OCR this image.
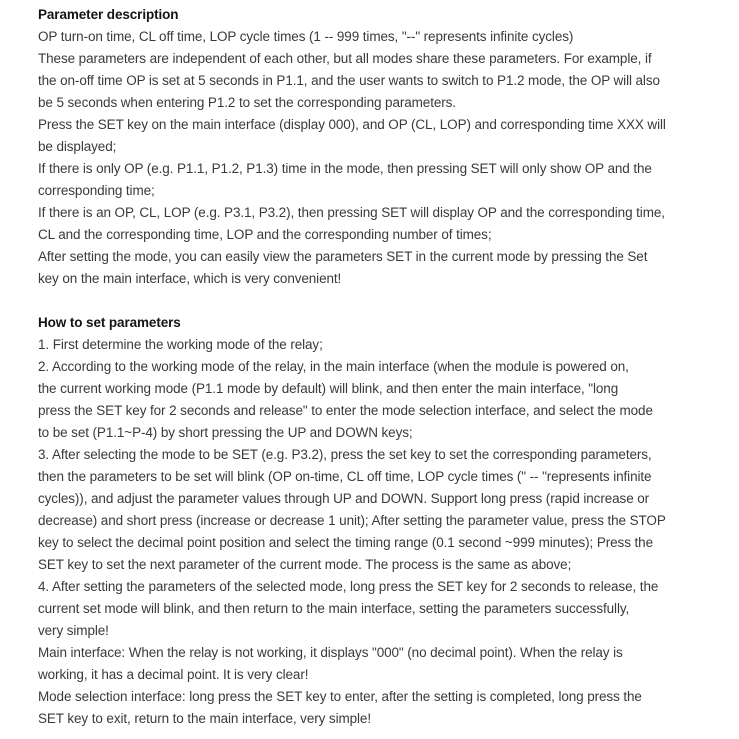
Parameter description
OP turn-on time, CL off time, LOP cycle times (1 -- 999 times, "--" represents infinite cycles)
These parameters are independent of each other, but all modes share these parameters. For example, if
the on-off time OP is set at 5 seconds in P1.1, and the user wants to switch to P1.2 mode, the OP will also
be 5 seconds when entering P1.2 to set the corresponding parameters.
Press the SET key on the main interface (display 000), and OP (CL, LOP) and corresponding time XXX will
be displayed;
If there is only OP (e.g. P1.1, P1.2, P1.3) time in the mode, then pressing SET will only show OP and the
corresponding time;
If there is an OP, CL, LOP (e.g. P3.1, P3.2), then pressing SET will display OP and the corresponding time,
CL and the corresponding time, LOP and the corresponding number of times;
After setting the mode, you can easily view the parameters SET in the current mode by pressing the Set
key on the main interface, which is very convenient!
How to set parameters
1. First determine the working mode of the relay;
2. According to the working mode of the relay, in the main interface (when the module is powered on,
the current working mode (P1.1 mode by default) will blink, and then enter the main interface, "long
press the SET key for 2 seconds and release" to enter the mode selection interface, and select the mode
to be set (P1.1~P-4) by short pressing the UP and DOWN keys;
3. After selecting the mode to be SET (e.g. P3.2), press the set key to set the corresponding parameters,
then the parameters to be set will blink (OP on-time, CL off time, LOP cycle times (" -- "represents infinite
cycles)), and adjust the parameter values through UP and DOWN. Support long press (rapid increase or
decrease) and short press (increase or decrease 1 unit); After setting the parameter value, press the STOP
key to select the decimal point position and select the timing range (0.1 second ~999 minutes); Press the
SET key to set the next parameter of the current mode. The process is the same as above;
4. After setting the parameters of the selected mode, long press the SET key for 2 seconds to release, the
current set mode will blink, and then return to the main interface, setting the parameters successfully,
very simple!
Main interface: When the relay is not working, it displays "000" (no decimal point). When the relay is
working, it has a decimal point. It is very clear!
Mode selection interface: long press the SET key to enter, after the setting is completed, long press the
SET key to exit, return to the main interface, very simple!
